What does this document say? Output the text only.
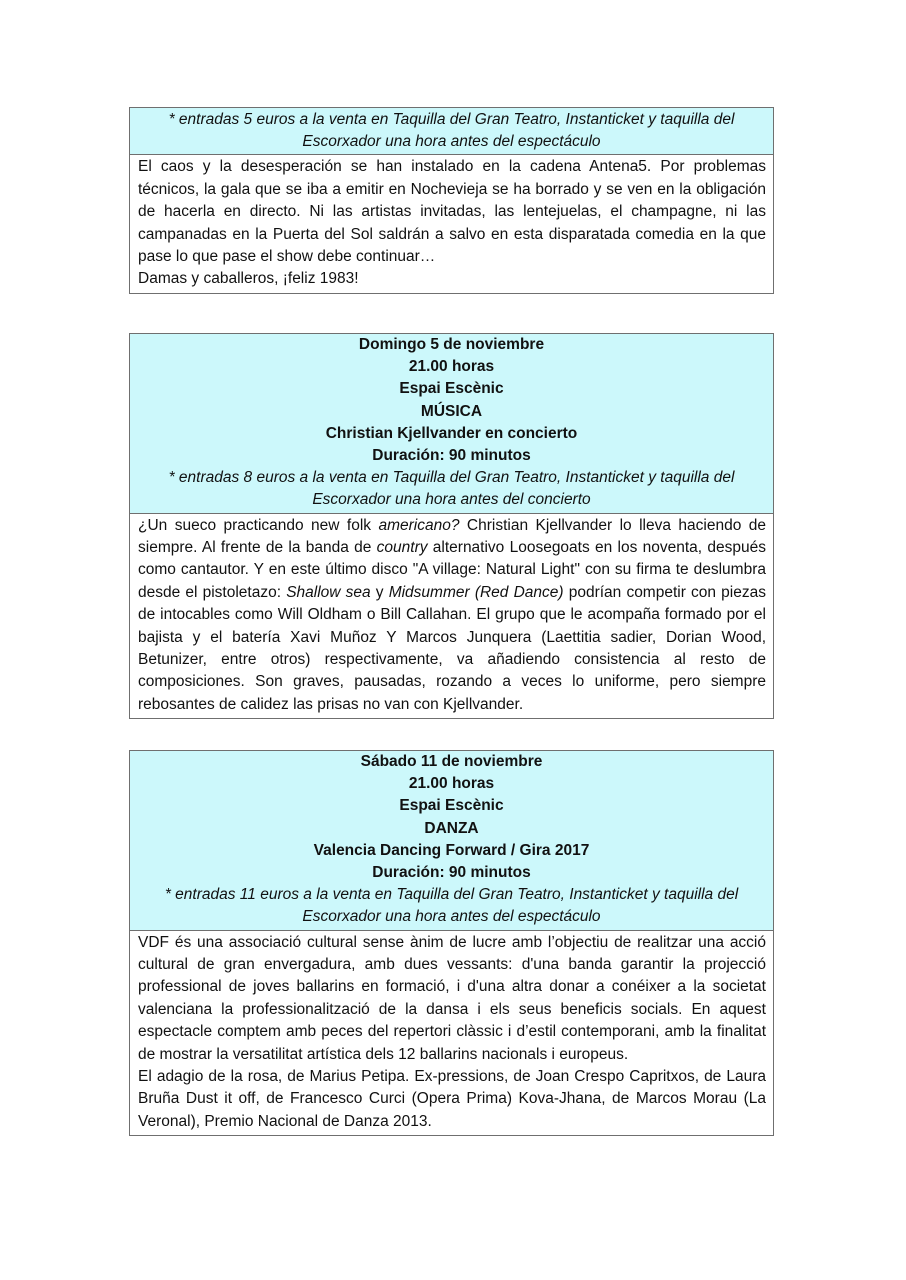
* entradas 5 euros a la venta en Taquilla del Gran Teatro, Instanticket y taquilla del Escorxador una hora antes del espectáculo

El caos y la desesperación se han instalado en la cadena Antena5. Por problemas técnicos, la gala que se iba a emitir en Nochevieja se ha borrado y se ven en la obligación de hacerla en directo. Ni las artistas invitadas, las lentejuelas, el champagne, ni las campanadas en la Puerta del Sol saldrán a salvo en esta disparatada comedia en la que pase lo que pase el show debe continuar…

Damas y caballeros, ¡feliz 1983!

Domingo 5 de noviembre
21.00 horas
Espai Escènic
MÚSICA
Christian Kjellvander en concierto
Duración: 90 minutos
* entradas 8 euros a la venta en Taquilla del Gran Teatro, Instanticket y taquilla del Escorxador una hora antes del concierto

¿Un sueco practicando new folk americano? Christian Kjellvander lo lleva haciendo de siempre. Al frente de la banda de country alternativo Loosegoats en los noventa, después como cantautor. Y en este último disco "A village: Natural Light" con su firma te deslumbra desde el pistoletazo: Shallow sea y Midsummer (Red Dance) podrían competir con piezas de intocables como Will Oldham o Bill Callahan. El grupo que le acompaña formado por el bajista y el batería Xavi Muñoz Y Marcos Junquera (Laettitia sadier, Dorian Wood, Betunizer, entre otros) respectivamente, va añadiendo consistencia al resto de composiciones. Son graves, pausadas, rozando a veces lo uniforme, pero siempre rebosantes de calidez las prisas no van con Kjellvander.

Sábado 11 de noviembre
21.00 horas
Espai Escènic
DANZA
Valencia Dancing Forward / Gira 2017
Duración: 90 minutos
* entradas 11 euros a la venta en Taquilla del Gran Teatro, Instanticket y taquilla del Escorxador una hora antes del espectáculo

VDF és una associació cultural sense ànim de lucre amb l’objectiu de realitzar una acció cultural de gran envergadura, amb dues vessants: d'una banda garantir la projecció professional de joves ballarins en formació, i d'una altra donar a conéixer a la societat valenciana la professionalització de la dansa i els seus beneficis socials. En aquest espectacle comptem amb peces del repertori clàssic i d’estil contemporani, amb la finalitat de mostrar la versatilitat artística dels 12 ballarins nacionals i europeus.

El adagio de la rosa, de Marius Petipa. Ex-pressions, de Joan Crespo Capritxos, de Laura Bruña Dust it off, de Francesco Curci (Opera Prima) Kova-Jhana, de Marcos Morau (La Veronal), Premio Nacional de Danza 2013.
